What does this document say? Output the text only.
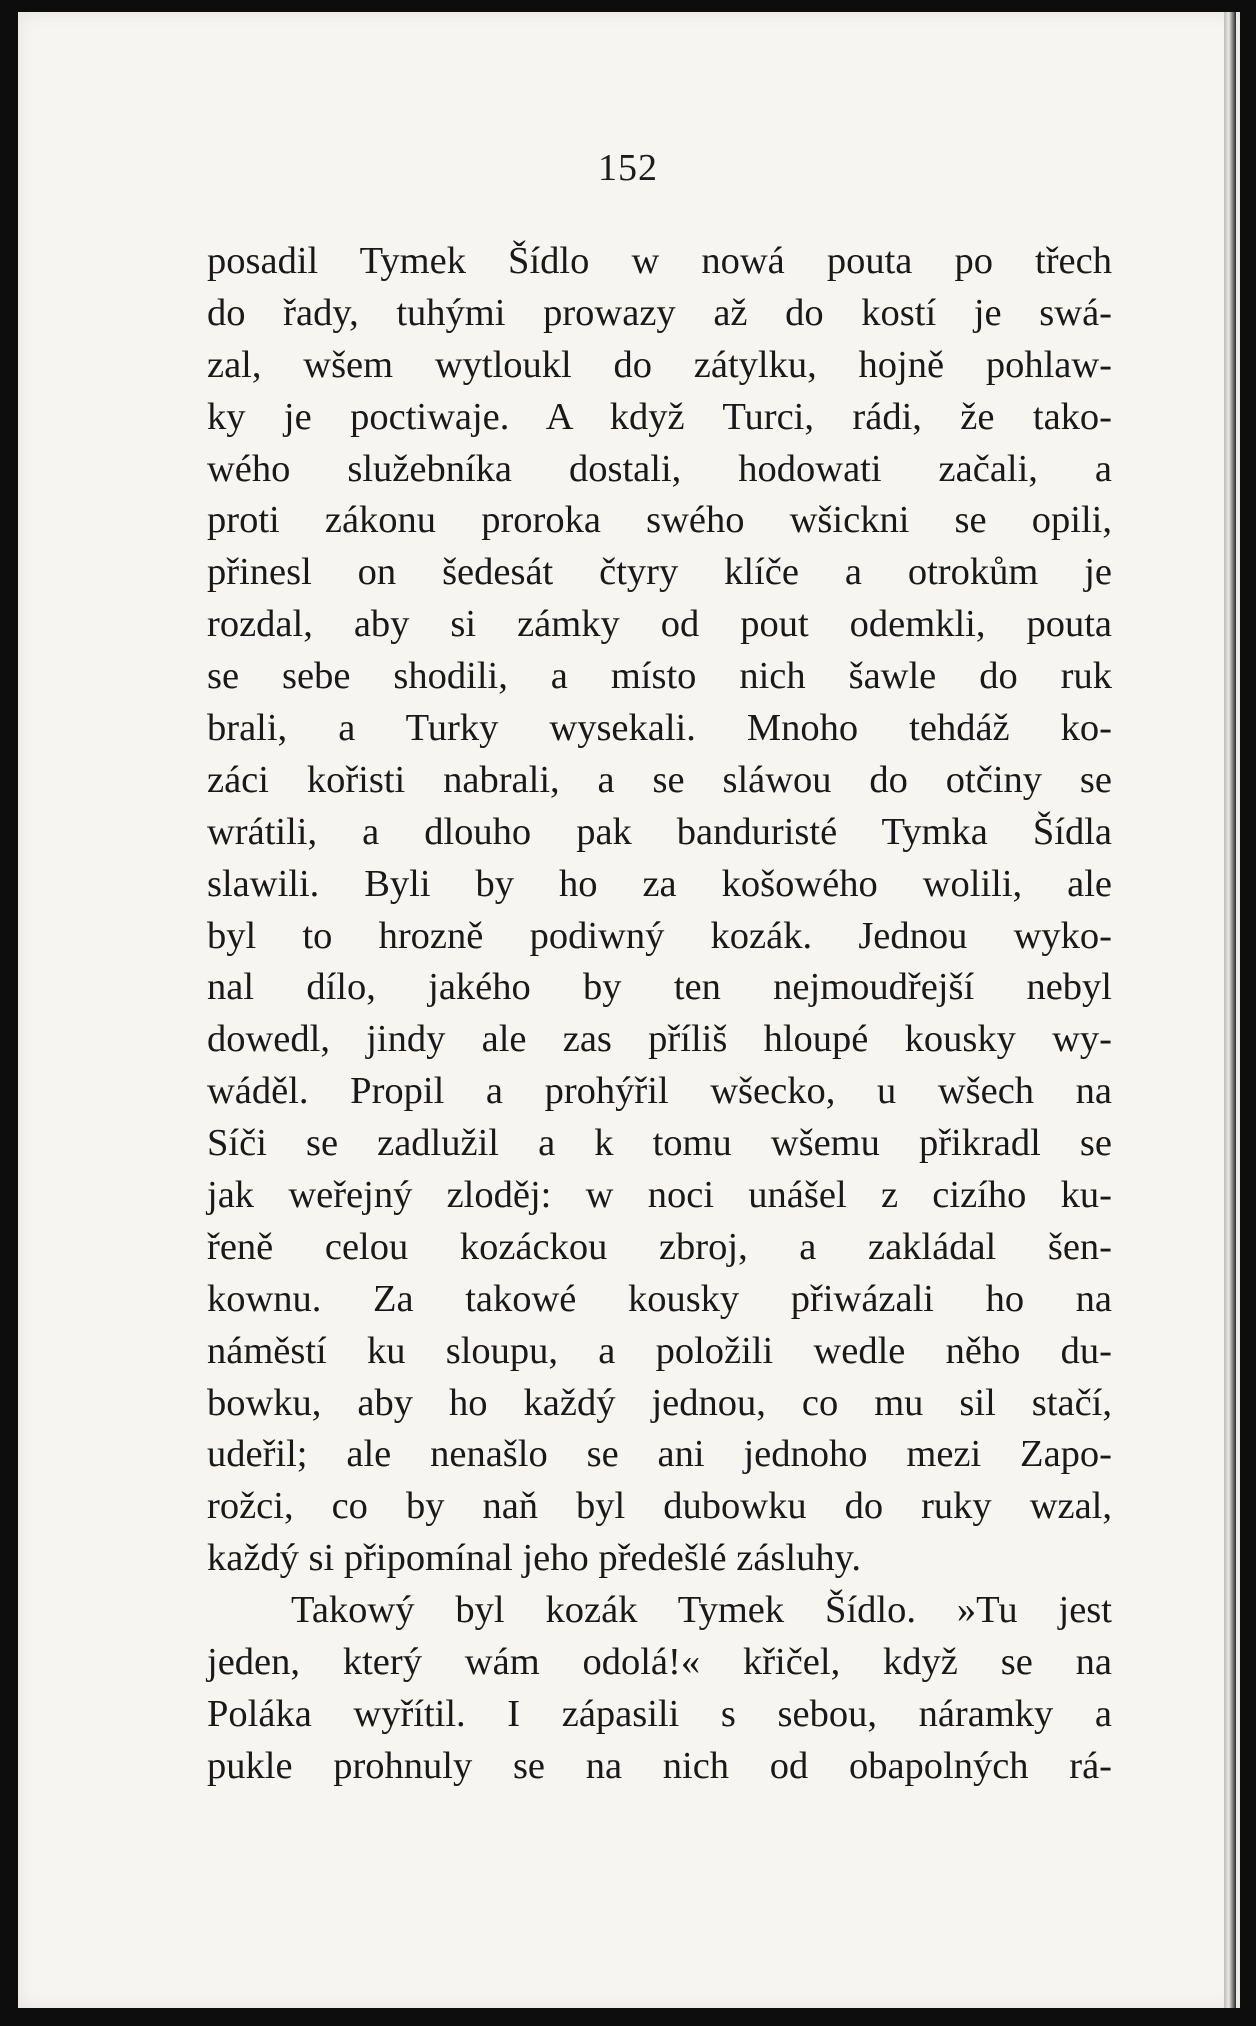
152
posadil Tymek Šídlo w nowá pouta po třech
do řady, tuhými prowazy až do kostí je swá-
zal, wšem wytloukl do zátylku, hojně pohlaw-
ky je poctiwaje. A když Turci, rádi, že tako-
wého služebníka dostali, hodowati začali, a
proti zákonu proroka swého wšickni se opili,
přinesl on šedesát čtyry klíče a otrokům je
rozdal, aby si zámky od pout odemkli, pouta
se sebe shodili, a místo nich šawle do ruk
brali, a Turky wysekali. Mnoho tehdáž ko-
záci kořisti nabrali, a se sláwou do otčiny se
wrátili, a dlouho pak banduristé Tymka Šídla
slawili. Byli by ho za košowého wolili, ale
byl to hrozně podiwný kozák. Jednou wyko-
nal dílo, jakého by ten nejmoudřejší nebyl
dowedl, jindy ale zas příliš hloupé kousky wy-
wáděl. Propil a prohýřil wšecko, u wšech na
Síči se zadlužil a k tomu wšemu přikradl se
jak weřejný zloděj: w noci unášel z cizího ku-
řeně celou kozáckou zbroj, a zakládal šen-
kownu. Za takowé kousky přiwázali ho na
náměstí ku sloupu, a položili wedle něho du-
bowku, aby ho každý jednou, co mu sil stačí,
udeřil; ale nenašlo se ani jednoho mezi Zapo-
rožci, co by naň byl dubowku do ruky wzal,
každý si připomínal jeho předešlé zásluhy.
Takowý byl kozák Tymek Šídlo. »Tu jest
jeden, který wám odolá!« křičel, když se na
Poláka wyřítil. I zápasili s sebou, náramky a
pukle prohnuly se na nich od obapolných rá-
